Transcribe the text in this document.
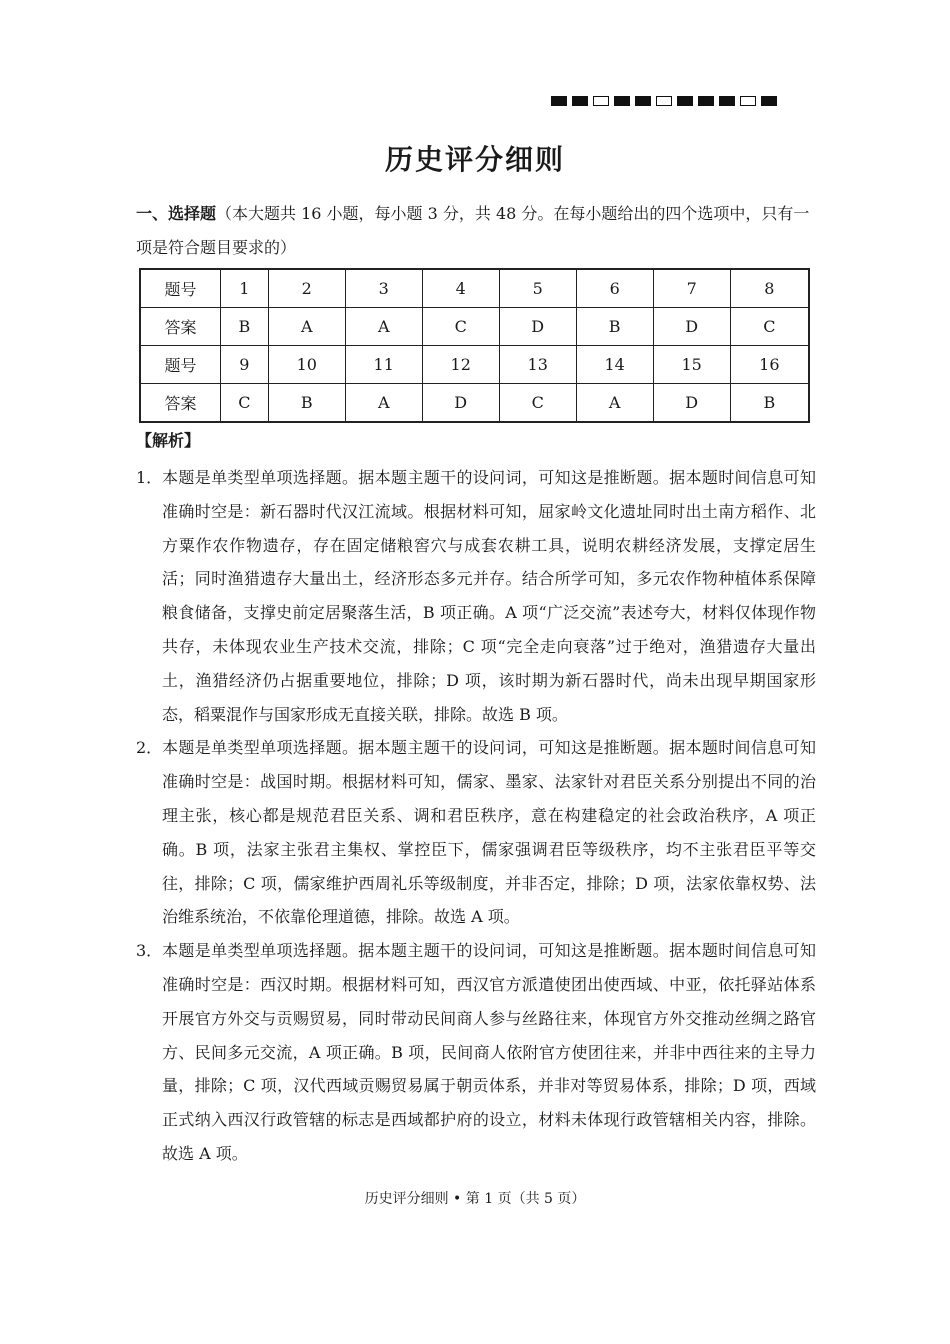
历史评分细则
一、选择题（本大题共 16 小题，每小题 3 分，共 48 分。在每小题给出的四个选项中，只有一项是符合题目要求的）
题号	1	2	3	4	5	6	7	8
答案	B	A	A	C	D	B	D	C
题号	9	10	11	12	13	14	15	16
答案	C	B	A	D	C	A	D	B
【解析】
1． 本题是单类型单项选择题。据本题主题干的设问词，可知这是推断题。据本题时间信息可知准确时空是：新石器时代汉江流域。根据材料可知，屈家岭文化遗址同时出土南方稻作、北方粟作农作物遗存，存在固定储粮窖穴与成套农耕工具，说明农耕经济发展，支撑定居生活；同时渔猎遗存大量出土，经济形态多元并存。结合所学可知，多元农作物种植体系保障粮食储备，支撑史前定居聚落生活，B 项正确。A 项“广泛交流”表述夸大，材料仅体现作物共存，未体现农业生产技术交流，排除；C 项“完全走向衰落”过于绝对，渔猎遗存大量出土，渔猎经济仍占据重要地位，排除；D 项，该时期为新石器时代，尚未出现早期国家形态，稻粟混作与国家形成无直接关联，排除。故选 B 项。
2． 本题是单类型单项选择题。据本题主题干的设问词，可知这是推断题。据本题时间信息可知准确时空是：战国时期。根据材料可知，儒家、墨家、法家针对君臣关系分别提出不同的治理主张，核心都是规范君臣关系、调和君臣秩序，意在构建稳定的社会政治秩序，A 项正确。B 项，法家主张君主集权、掌控臣下，儒家强调君臣等级秩序，均不主张君臣平等交往，排除；C 项，儒家维护西周礼乐等级制度，并非否定，排除；D 项，法家依靠权势、法治维系统治，不依靠伦理道德，排除。故选 A 项。
3． 本题是单类型单项选择题。据本题主题干的设问词，可知这是推断题。据本题时间信息可知准确时空是：西汉时期。根据材料可知，西汉官方派遣使团出使西域、中亚，依托驿站体系开展官方外交与贡赐贸易，同时带动民间商人参与丝路往来，体现官方外交推动丝绸之路官方、民间多元交流，A 项正确。B 项，民间商人依附官方使团往来，并非中西往来的主导力量，排除；C 项，汉代西域贡赐贸易属于朝贡体系，并非对等贸易体系，排除；D 项，西域正式纳入西汉行政管辖的标志是西域都护府的设立，材料未体现行政管辖相关内容，排除。故选 A 项。
历史评分细则 • 第 1 页（共 5 页）
